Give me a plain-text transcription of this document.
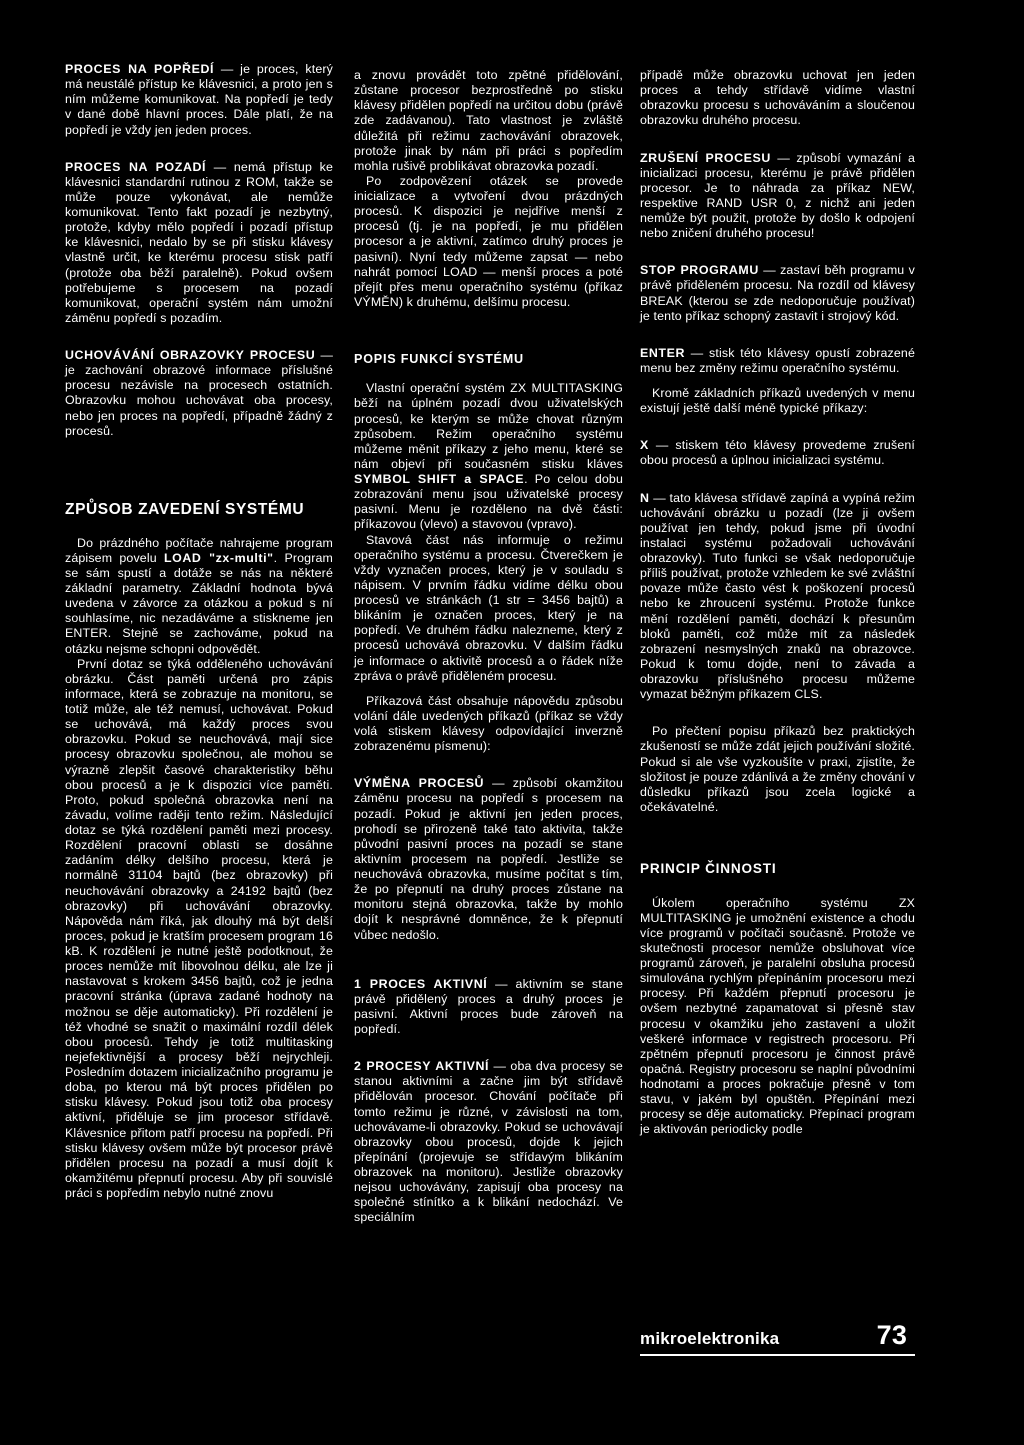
PROCES NA POPŘEDÍ — je proces, který má neustálé přístup ke klávesnici, a proto jen s ním můžeme komunikovat. Na popředí je tedy v dané době hlavní proces. Dále platí, že na popředí je vždy jen jeden proces.

PROCES NA POZADÍ — nemá přístup ke klávesnici standardní rutinou z ROM, takže se může pouze vykonávat, ale nemůže komunikovat. Tento fakt pozadí je nezbytný, protože, kdyby mělo popředí i pozadí přístup ke klávesnici, nedalo by se při stisku klávesy vlastně určit, ke kterému procesu stisk patří (protože oba běží paralelně). Pokud ovšem potřebujeme s procesem na pozadí komunikovat, operační systém nám umožní záměnu popředí s pozadím.

UCHOVÁVÁNÍ OBRAZOVKY PROCESU — je zachování obrazové informace příslušné procesu nezávisle na procesech ostatních. Obrazovku mohou uchovávat oba procesy, nebo jen proces na popředí, případně žádný z procesů.

ZPŮSOB ZAVEDENÍ SYSTÉMU

Do prázdného počítače nahrajeme program zápisem povelu LOAD "zx-multi". Program se sám spustí a dotáže se nás na některé základní parametry. Základní hodnota bývá uvedena v závorce za otázkou a pokud s ní souhlasíme, nic nezadáváme a stiskneme jen ENTER. Stejně se zachováme, pokud na otázku nejsme schopni odpovědět.

První dotaz se týká odděleného uchovávání obrázku. Část paměti určená pro zápis informace, která se zobrazuje na monitoru, se totiž může, ale též nemusí, uchovávat. Pokud se uchovává, má každý proces svou obrazovku. Pokud se neuchovává, mají sice procesy obrazovku společnou, ale mohou se výrazně zlepšit časové charakteristiky běhu obou procesů a je k dispozici více paměti. Proto, pokud společná obrazovka není na závadu, volíme raději tento režim. Následující dotaz se týká rozdělení paměti mezi procesy. Rozdělení pracovní oblasti se dosáhne zadáním délky delšího procesu, která je normálně 31104 bajtů (bez obrazovky) při neuchovávání obrazovky a 24192 bajtů (bez obrazovky) při uchovávání obrazovky. Nápověda nám říká, jak dlouhý má být delší proces, pokud je kratším procesem program 16 kB. K rozdělení je nutné ještě podotknout, že proces nemůže mít libovolnou délku, ale lze ji nastavovat s krokem 3456 bajtů, což je jedna pracovní stránka (úprava zadané hodnoty na možnou se děje automaticky). Při rozdělení je též vhodné se snažit o maximální rozdíl délek obou procesů. Tehdy je totiž multitasking nejefektivnější a procesy běží nejrychleji. Posledním dotazem inicializačního programu je doba, po kterou má být proces přidělen po stisku klávesy. Pokud jsou totiž oba procesy aktivní, přiděluje se jim procesor střídavě. Klávesnice přitom patří procesu na popředí. Při stisku klávesy ovšem může být procesor právě přidělen procesu na pozadí a musí dojít k okamžitému přepnutí procesu. Aby při souvislé práci s popředím nebylo nutné znovu

a znovu provádět toto zpětné přidělování, zůstane procesor bezprostředně po stisku klávesy přidělen popředí na určitou dobu (právě zde zadávanou). Tato vlastnost je zvláště důležitá při režimu zachovávání obrazovek, protože jinak by nám při práci s popředím mohla rušivě problikávat obrazovka pozadí.

Po zodpovězení otázek se provede inicializace a vytvoření dvou prázdných procesů. K dispozici je nejdříve menší z procesů (tj. je na popředí, je mu přidělen procesor a je aktivní, zatímco druhý proces je pasivní). Nyní tedy můžeme zapsat — nebo nahrát pomocí LOAD — menší proces a poté přejít přes menu operačního systému (příkaz VÝMĚN) k druhému, delšímu procesu.

POPIS FUNKCÍ SYSTÉMU

Vlastní operační systém ZX MULTITASKING běží na úplném pozadí dvou uživatelských procesů, ke kterým se může chovat různým způsobem. Režim operačního systému můžeme měnit příkazy z jeho menu, které se nám objeví při současném stisku kláves SYMBOL SHIFT a SPACE. Po celou dobu zobrazování menu jsou uživatelské procesy pasivní. Menu je rozděleno na dvě části: příkazovou (vlevo) a stavovou (vpravo).

Stavová část nás informuje o režimu operačního systému a procesu. Čtverečkem je vždy vyznačen proces, který je v souladu s nápisem. V prvním řádku vidíme délku obou procesů ve stránkách (1 str = 3456 bajtů) a blikáním je označen proces, který je na popředí. Ve druhém řádku nalezneme, který z procesů uchovává obrazovku. V dalším řádku je informace o aktivitě procesů a o řádek níže zpráva o právě přiděleném procesu.

Příkazová část obsahuje nápovědu způsobu volání dále uvedených příkazů (příkaz se vždy volá stiskem klávesy odpovídající inverzně zobrazenému písmenu):

VÝMĚNA PROCESŮ — způsobí okamžitou záměnu procesu na popředí s procesem na pozadí. Pokud je aktivní jen jeden proces, prohodí se přirozeně také tato aktivita, takže původní pasivní proces na pozadí se stane aktivním procesem na popředí. Jestliže se neuchovává obrazovka, musíme počítat s tím, že po přepnutí na druhý proces zůstane na monitoru stejná obrazovka, takže by mohlo dojít k nesprávné domněnce, že k přepnutí vůbec nedošlo.

1 PROCES AKTIVNÍ — aktivním se stane právě přidělený proces a druhý proces je pasivní. Aktivní proces bude zároveň na popředí.

2 PROCESY AKTIVNÍ — oba dva procesy se stanou aktivními a začne jim být střídavě přidělován procesor. Chování počítače při tomto režimu je různé, v závislosti na tom, uchovávame-li obrazovky. Pokud se uchovávají obrazovky obou procesů, dojde k jejich přepínání (projevuje se střídavým blikáním obrazovek na monitoru). Jestliže obrazovky nejsou uchovávány, zapisují oba procesy na společné stínítko a k blikání nedochází. Ve speciálním

případě může obrazovku uchovat jen jeden proces a tehdy střídavě vidíme vlastní obrazovku procesu s uchováváním a sloučenou obrazovku druhého procesu.

ZRUŠENÍ PROCESU — způsobí vymazání a inicializaci procesu, kterému je právě přidělen procesor. Je to náhrada za příkaz NEW, respektive RAND USR 0, z nichž ani jeden nemůže být použit, protože by došlo k odpojení nebo zničení druhého procesu!

STOP PROGRAMU — zastaví běh programu v právě přiděleném procesu. Na rozdíl od klávesy BREAK (kterou se zde nedoporučuje používat) je tento příkaz schopný zastavit i strojový kód.

ENTER — stisk této klávesy opustí zobrazené menu bez změny režimu operačního systému.

Kromě základních příkazů uvedených v menu existují ještě další méně typické příkazy:

X — stiskem této klávesy provedeme zrušení obou procesů a úplnou inicializaci systému.

N — tato klávesa střídavě zapíná a vypíná režim uchovávání obrázku u pozadí (lze ji ovšem používat jen tehdy, pokud jsme při úvodní instalaci systému požadovali uchovávání obrazovky). Tuto funkci se však nedoporučuje příliš používat, protože vzhledem ke své zvláštní povaze může často vést k poškození procesů nebo ke zhroucení systému. Protože funkce mění rozdělení paměti, dochází k přesunům bloků paměti, což může mít za následek zobrazení nesmyslných znaků na obrazovce. Pokud k tomu dojde, není to závada a obrazovku příslušného procesu můžeme vymazat běžným příkazem CLS.

Po přečtení popisu příkazů bez praktických zkušeností se může zdát jejich používání složité. Pokud si ale vše vyzkoušíte v praxi, zjistíte, že složitost je pouze zdánlivá a že změny chování v důsledku příkazů jsou zcela logické a očekávatelné.

PRINCIP ČINNOSTI

Úkolem operačního systému ZX MULTITASKING je umožnění existence a chodu více programů v počítači současně. Protože ve skutečnosti procesor nemůže obsluhovat více programů zároveň, je paralelní obsluha procesů simulována rychlým přepínáním procesoru mezi procesy. Při každém přepnutí procesoru je ovšem nezbytné zapamatovat si přesně stav procesu v okamžiku jeho zastavení a uložit veškeré informace v registrech procesoru. Při zpětném přepnutí procesoru je činnost právě opačná. Registry procesoru se naplní původními hodnotami a proces pokračuje přesně v tom stavu, v jakém byl opuštěn. Přepínání mezi procesy se děje automaticky. Přepínací program je aktivován periodicky podle

mikroelektronika	73
